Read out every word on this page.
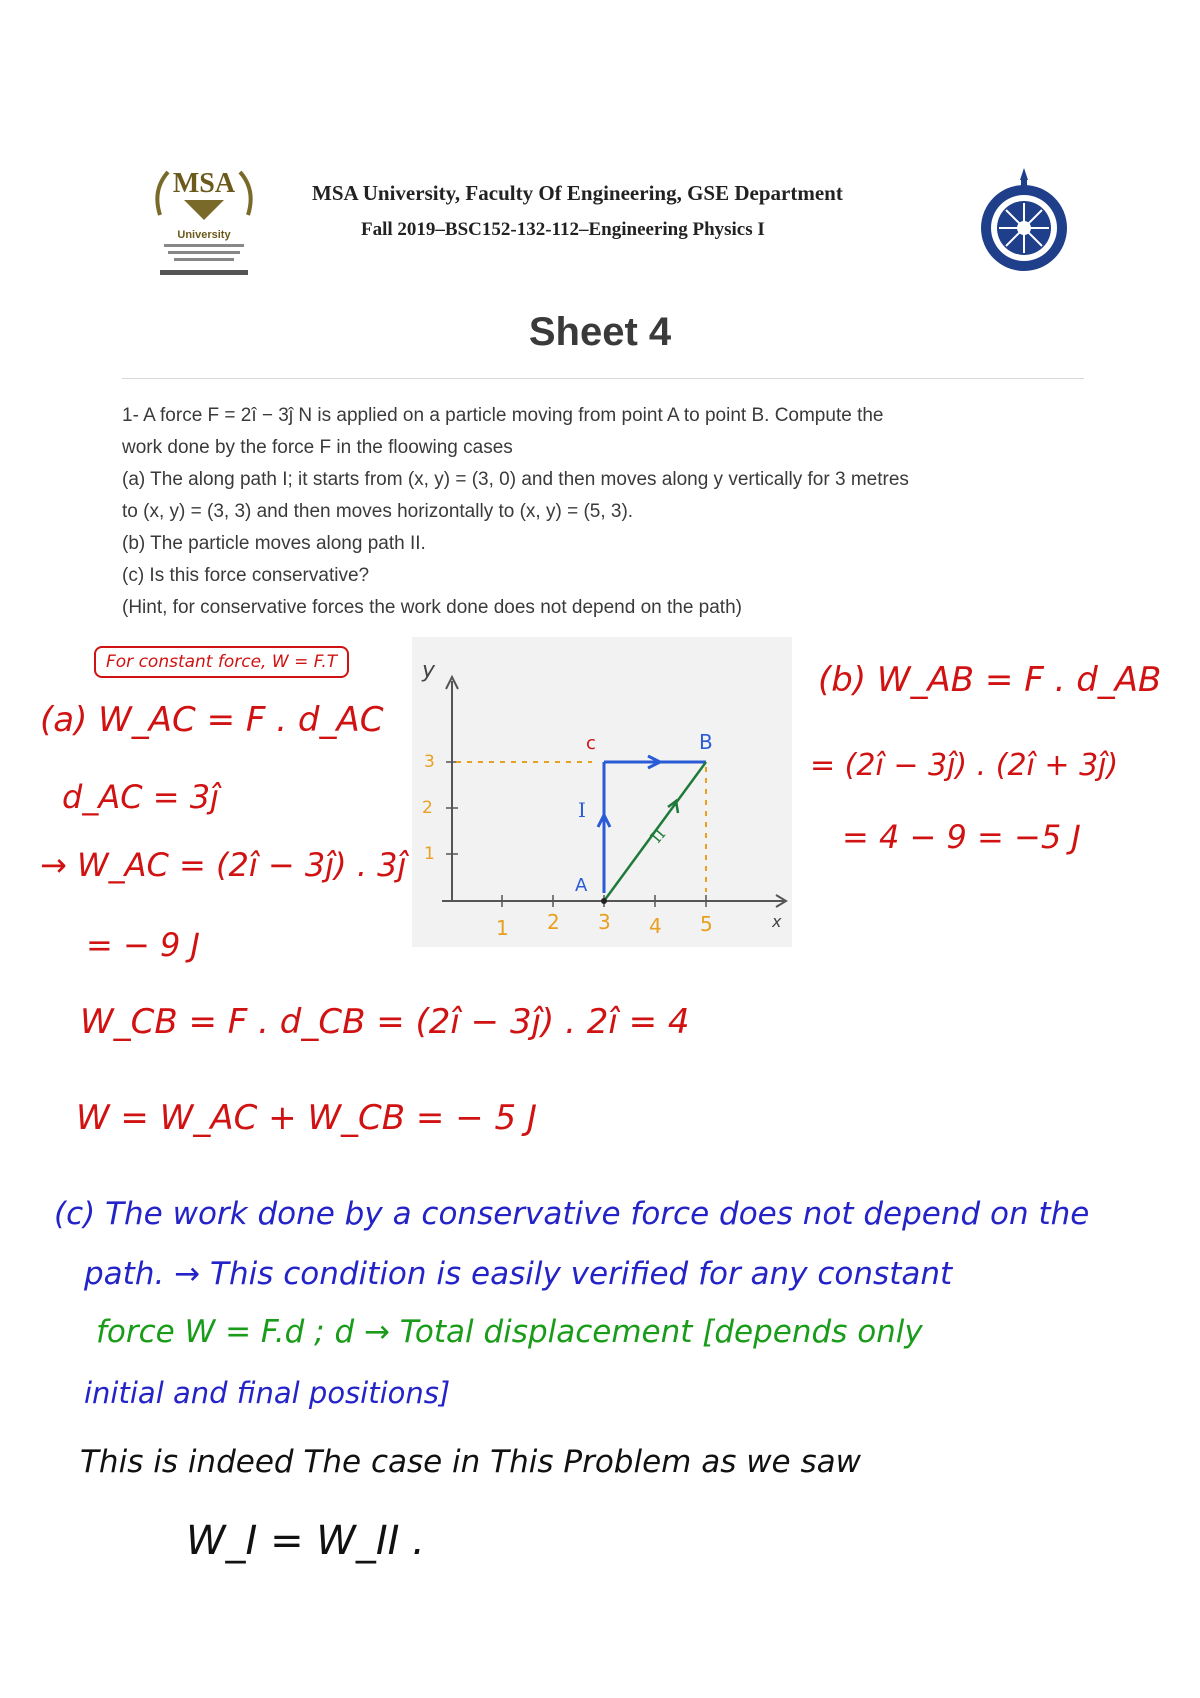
MSA
University
MSA University, Faculty Of Engineering, GSE Department
Fall 2019–BSC152-132-112–Engineering Physics I
Sheet 4
1- A force F = 2î − 3ĵ N is applied on a particle moving from point A to point B. Compute the
work done by the force F in the floowing cases
(a) The along path I; it starts from (x, y) = (3, 0) and then moves along y vertically for 3 metres
to (x, y) = (3, 3) and then moves horizontally to (x, y) = (5, 3).
(b) The particle moves along path II.
(c) Is this force conservative?
(Hint, for conservative forces the work done does not depend on the path)
For constant force, W = F.T
(a) W_AC = F . d_AC
d_AC = 3ĵ
→ W_AC = (2î − 3ĵ) . 3ĵ
= − 9 J
W_CB = F . d_CB = (2î − 3ĵ) . 2î = 4
W = W_AC + W_CB = − 5 J
(b) W_AB = F . d_AB
= (2î − 3ĵ) . (2î + 3ĵ)
= 4 − 9 = −5 J
(c) The work done by a conservative force does not depend on the
path. → This condition is easily verified for any constant
force W = F.d ; d → Total displacement [depends only
initial and final positions]
This is indeed The case in This Problem as we saw
W_I = W_II .
y
x
1 2 3 4 5
1
2
3
A
B
c
I
II
